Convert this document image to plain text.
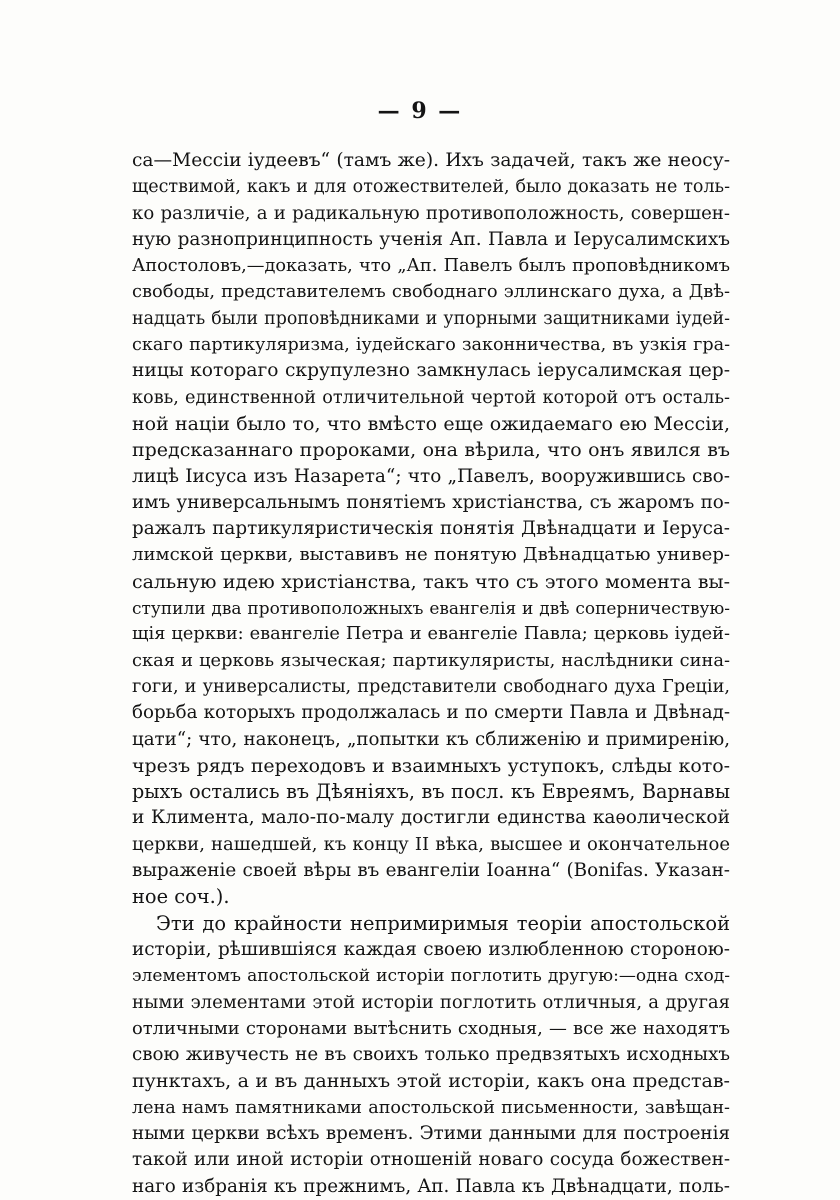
— 9 —
са—Мессіи іудеевъ“ (тамъ же). Ихъ задачей, такъ же неосу-
ществимой, какъ и для отожествителей, было доказать не толь-
ко различіе, а и радикальную противоположность, совершен-
ную разнопринципность ученія Ап. Павла и Іерусалимскихъ
Апостоловъ,—доказать, что „Ап. Павелъ былъ проповѣдникомъ
свободы, представителемъ свободнаго эллинскаго духа, а Двѣ-
надцать были проповѣдниками и упорными защитниками іудей-
скаго партикуляризма, іудейскаго законничества, въ узкія гра-
ницы котораго скрупулезно замкнулась іерусалимская цер-
ковь, единственной отличительной чертой которой отъ осталь-
ной націи было то, что вмѣсто еще ожидаемаго ею Мессіи,
предсказаннаго пророками, она вѣрила, что онъ явился въ
лицѣ Іисуса изъ Назарета“; что „Павелъ, вооружившись сво-
имъ универсальнымъ понятіемъ христіанства, съ жаромъ по-
ражалъ партикуляристическія понятія Двѣнадцати и Іерусa-
лимской церкви, выставивъ не понятую Двѣнадцатью универ-
сальную идею христіанства, такъ что съ этого момента вы-
ступили два противоположныхъ евангелія и двѣ соперничествую-
щія церкви: евангеліе Петра и евангеліе Павла; церковь іудей-
ская и церковь языческая; партикуляристы, наслѣдники сина-
гоги, и универсалисты, представители свободнаго духа Греціи,
борьба которыхъ продолжалась и по смерти Павла и Двѣнад-
цати“; что, наконецъ, „попытки къ сближенію и примиренію,
чрезъ рядъ переходовъ и взаимныхъ уступокъ, слѣды кото-
рыхъ остались въ Дѣяніяхъ, въ посл. къ Евреямъ, Варнавы
и Климента, мало-по-малу достигли единства каѳолической
церкви, нашедшей, къ концу II вѣка, высшее и окончательное
выраженіе своей вѣры въ евангеліи Іоанна“ (Bonifas. Указан-
ное соч.).
Эти до крайности непримиримыя теоріи апостольской
исторіи, рѣшившіяся каждая своею излюбленною стороною-
элементомъ апостольской исторіи поглотить другую:—одна сход-
ными элементами этой исторіи поглотить отличныя, а другая
отличными сторонами вытѣснить сходныя, — все же находятъ
свою живучесть не въ своихъ только предвзятыхъ исходныхъ
пунктахъ, а и въ данныхъ этой исторіи, какъ она представ-
лена намъ памятниками апостольской письменности, завѣщан-
ными церкви всѣхъ временъ. Этими данными для построенія
такой или иной исторіи отношеній новаго сосуда божествен-
наго избранія къ прежнимъ, Ап. Павла къ Двѣнадцати, поль-
